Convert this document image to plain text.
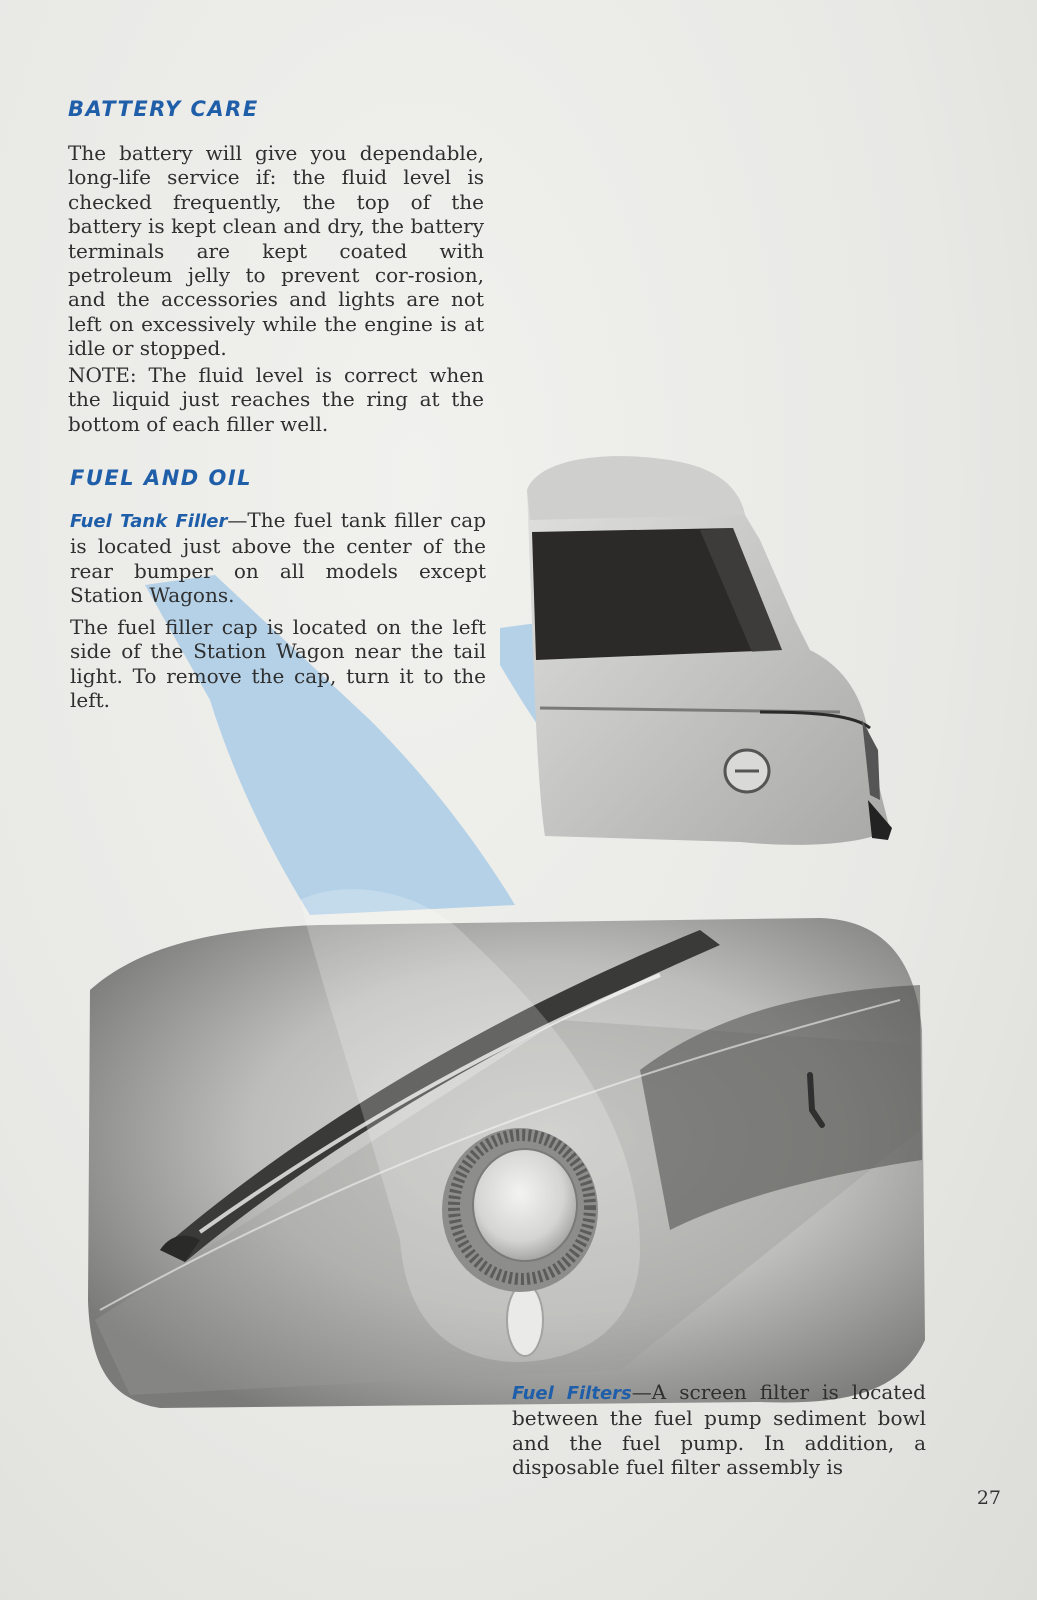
BATTERY CARE

The battery will give you dependable, long-life service if: the fluid level is checked frequently, the top of the battery is kept clean and dry, the battery terminals are kept coated with petroleum jelly to prevent cor-rosion, and the accessories and lights are not left on excessively while the engine is at idle or stopped.

NOTE: The fluid level is correct when the liquid just reaches the ring at the bottom of each filler well.

FUEL AND OIL

Fuel Tank Filler—The fuel tank filler cap is located just above the center of the rear bumper on all models except Station Wagons.

The fuel filler cap is located on the left side of the Station Wagon near the tail light. To remove the cap, turn it to the left.

Fuel Filters—A screen filter is located between the fuel pump sediment bowl and the fuel pump. In addition, a disposable fuel filter assembly is

27
